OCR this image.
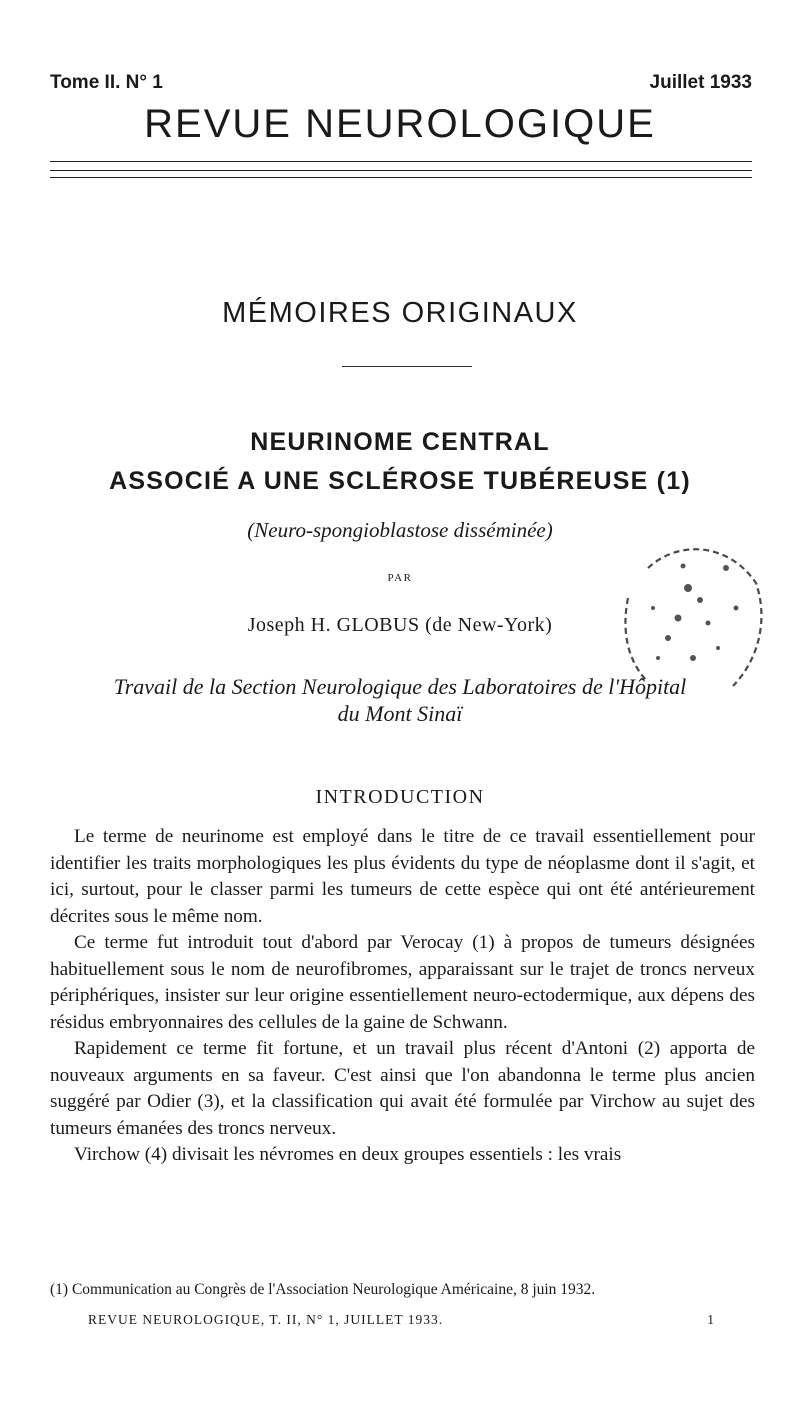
Tome II. N° 1	Juillet 1933
REVUE NEUROLOGIQUE
MÉMOIRES ORIGINAUX
NEURINOME CENTRAL
ASSOCIÉ A UNE SCLÉROSE TUBÉREUSE (1)
(Neuro-spongioblastose disséminée)
PAR
Joseph H. GLOBUS (de New-York)
Travail de la Section Neurologique des Laboratoires de l'Hôpital
du Mont Sinaï
INTRODUCTION

Le terme de neurinome est employé dans le titre de ce travail essentiellement pour identifier les traits morphologiques les plus évidents du type de néoplasme dont il s'agit, et ici, surtout, pour le classer parmi les tumeurs de cette espèce qui ont été antérieurement décrites sous le même nom.

Ce terme fut introduit tout d'abord par Verocay (1) à propos de tumeurs désignées habituellement sous le nom de neurofibromes, apparaissant sur le trajet de troncs nerveux périphériques, insister sur leur origine essentiellement neuro-ectodermique, aux dépens des résidus embryonnaires des cellules de la gaine de Schwann.

Rapidement ce terme fit fortune, et un travail plus récent d'Antoni (2) apporta de nouveaux arguments en sa faveur. C'est ainsi que l'on abandonna le terme plus ancien suggéré par Odier (3), et la classification qui avait été formulée par Virchow au sujet des tumeurs émanées des troncs nerveux.

Virchow (4) divisait les névromes en deux groupes essentiels : les vrais

(1) Communication au Congrès de l'Association Neurologique Américaine, 8 juin 1932.
REVUE NEUROLOGIQUE, T. II, N° 1, JUILLET 1933.	1
